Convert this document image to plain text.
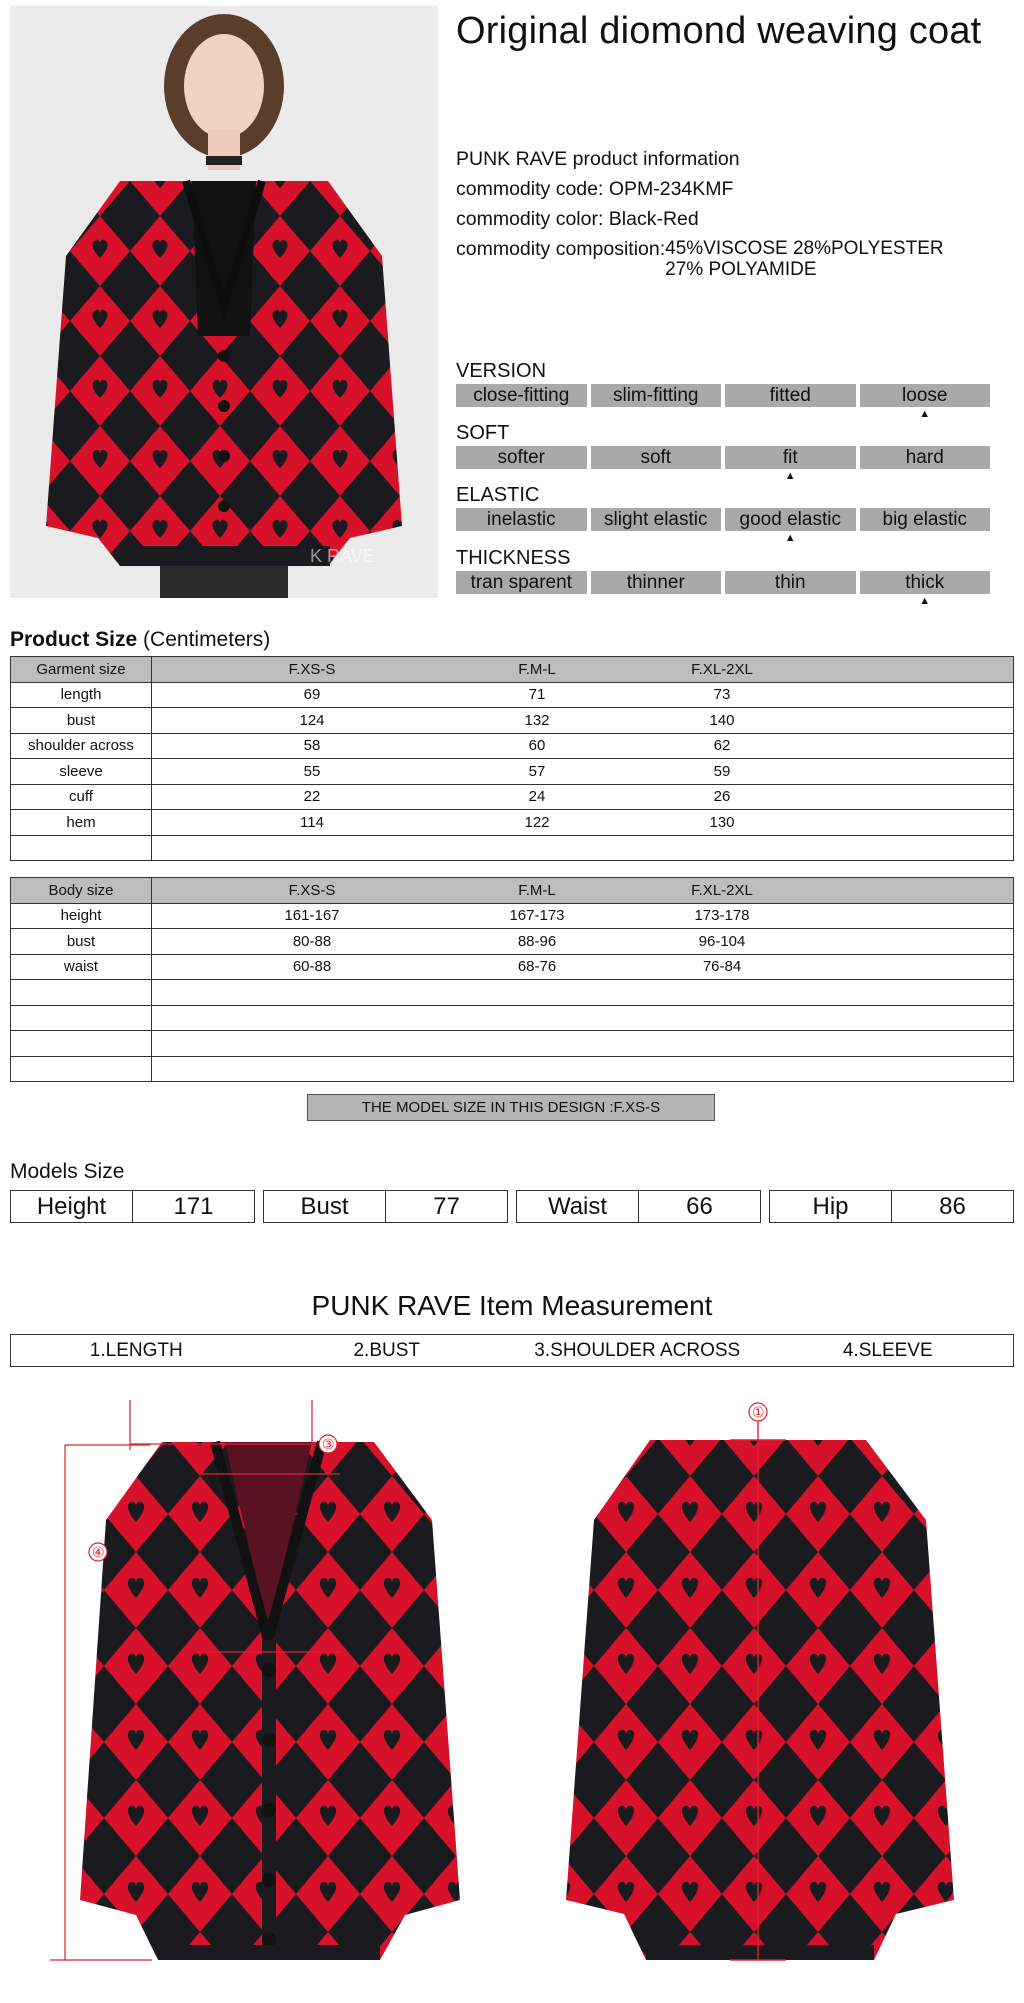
K RAVE
Original diomond weaving coat
PUNK RAVE product information
commodity code: OPM-234KMF
commodity color: Black-Red
commodity composition: 45%VISCOSE 28%POLYESTER
27% POLYAMIDE
VERSION
close-fitting	slim-fitting	fitted	loose
▲
SOFT
softer	soft	fit	hard
▲
ELASTIC
inelastic	slight elastic	good elastic	big elastic
▲
THICKNESS
tran sparent	thinner	thin	thick
▲
Product Size (Centimeters)
Garment size	F.XS-S F.M-L F.XL-2XL

length	69 71 73

bust	124 132 140

shoulder across	58 60 62

sleeve	55 57 59

cuff	22 24 26

hem	114 122 130

Body size	F.XS-S F.M-L F.XL-2XL

height	161-167 167-173 173-178

bust	80-88 88-96 96-104

waist	60-88 68-76 76-84

THE MODEL SIZE IN THIS DESIGN :F.XS-S
Models Size
Height	171	Bust	77	Waist	66	Hip	86
PUNK RAVE Item Measurement
1.LENGTH	2.BUST	3.SHOULDER ACROSS	4.SLEEVE
③
④
①
